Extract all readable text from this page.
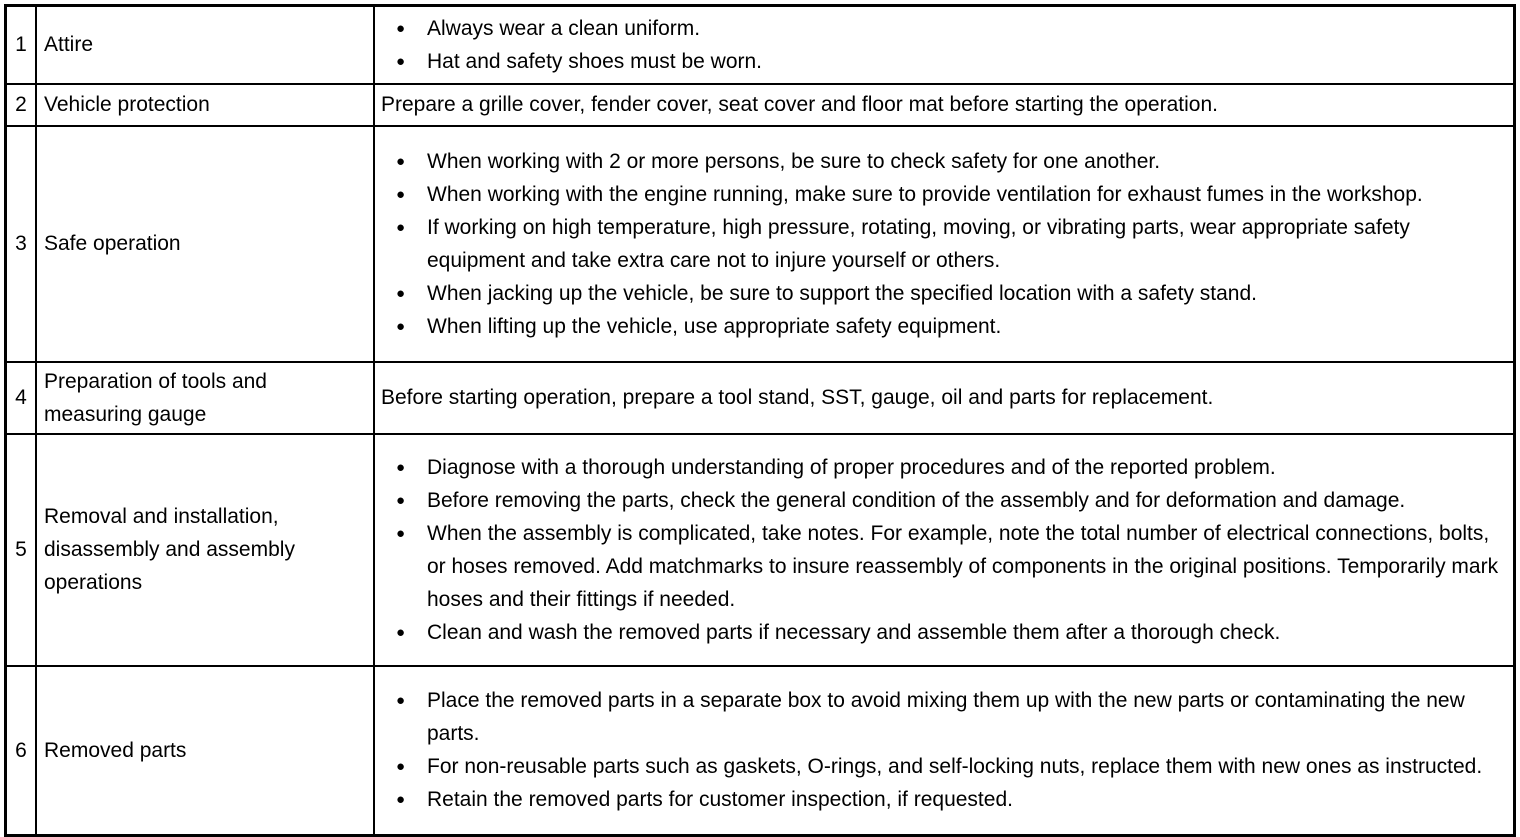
1	Attire	● Always wear a clean uniform.
● Hat and safety shoes must be worn.

2	Vehicle protection	Prepare a grille cover, fender cover, seat cover and floor mat before starting the operation.

3	Safe operation

●	When working with 2 or more persons, be sure to check safety for one another.
●	When working with the engine running, make sure to provide ventilation for exhaust fumes in the workshop.
●	If working on high temperature, high pressure, rotating, moving, or vibrating parts, wear appropriate safety equipment and take extra care not to injure yourself or others.
●	When jacking up the vehicle, be sure to support the specified location with a safety stand.
●	When lifting up the vehicle, use appropriate safety equipment.

4	Preparation of tools and measuring gauge	Before starting operation, prepare a tool stand, SST, gauge, oil and parts for replacement.

5	
Removal and installation, disassembly and assembly operations

●	Diagnose with a thorough understanding of proper procedures and of the reported problem.
●	Before removing the parts, check the general condition of the assembly and for deformation and damage.
●	When the assembly is complicated, take notes. For example, note the total number of electrical connections, bolts, or hoses removed. Add matchmarks to insure reassembly of components in the original positions. Temporarily mark hoses and their fittings if needed.
●	Clean and wash the removed parts if necessary and assemble them after a thorough check.

6	Removed parts

●	Place the removed parts in a separate box to avoid mixing them up with the new parts or contaminating the new parts.
●	For non-reusable parts such as gaskets, O-rings, and self-locking nuts, replace them with new ones as instructed.
●	Retain the removed parts for customer inspection, if requested.
